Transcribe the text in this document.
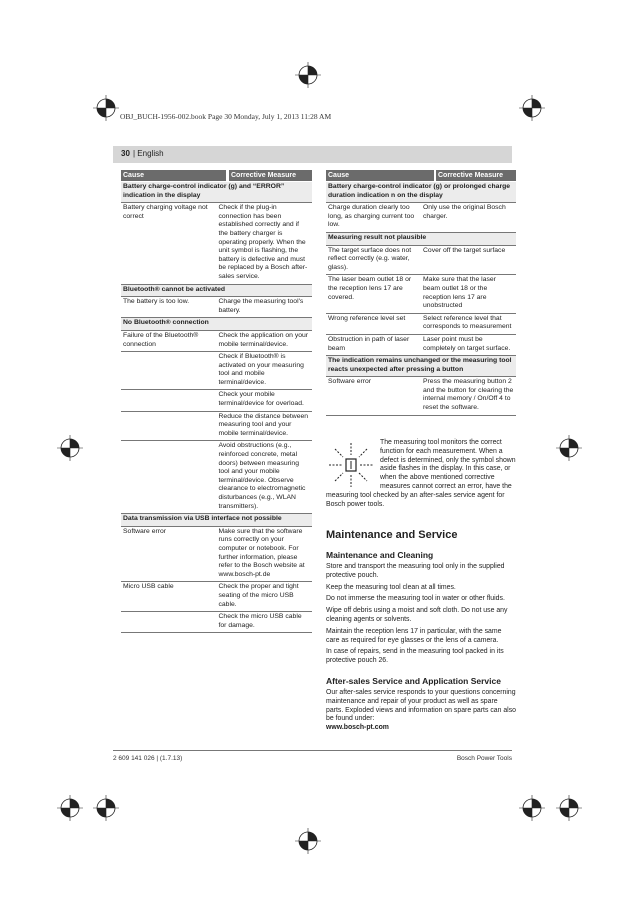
OBJ_BUCH-1956-002.book Page 30 Monday, July 1, 2013 11:28 AM
30 | English
Cause	Corrective Measure
Battery charge-control indicator (g) and “ERROR” indication in the display	
Battery charging voltage not correct	Check if the plug-in connection has been established correctly and if the battery charger is operating properly. When the unit symbol is flashing, the battery is defective and must be replaced by a Bosch after-sales service.
Bluetooth® cannot be activated	
The battery is too low.	Charge the measuring tool's battery.
No Bluetooth® connection	
Failure of the Bluetooth® connection	Check the application on your mobile terminal/device.
	Check if Bluetooth® is activated on your measuring tool and mobile terminal/device.
	Check your mobile terminal/device for overload.
	Reduce the distance between measuring tool and your mobile terminal/device.
	Avoid obstructions (e.g., reinforced concrete, metal doors) between measuring tool and your mobile terminal/device. Observe clearance to electromagnetic disturbances (e.g., WLAN transmitters).
Data transmission via USB interface not possible	
Software error	Make sure that the software runs correctly on your computer or notebook. For further information, please refer to the Bosch website at www.bosch-pt.de
Micro USB cable	Check the proper and tight seating of the micro USB cable.
	Check the micro USB cable for damage.
Cause	Corrective Measure
Battery charge-control indicator (g) or prolonged charge duration indication n on the display	
Charge duration clearly too long, as charging current too low.	Only use the original Bosch charger.
Measuring result not plausible	
The target surface does not reflect correctly (e.g. water, glass).	Cover off the target surface
The laser beam outlet 18 or the reception lens 17 are covered.	Make sure that the laser beam outlet 18 or the reception lens 17 are unobstructed
Wrong reference level set	Select reference level that corresponds to measurement
Obstruction in path of laser beam	Laser point must be completely on target surface.
The indication remains unchanged or the measuring tool reacts unexpected after pressing a button	
Software error	Press the measuring button 2 and the button for clearing the internal memory / On/Off 4 to reset the software.
The measuring tool monitors the correct function for each measurement. When a defect is determined, only the symbol shown aside flashes in the display. In this case, or when the above mentioned corrective measures cannot correct an error, have the
measuring tool checked by an after-sales service agent for Bosch power tools.
Maintenance and Service
Maintenance and Cleaning

Store and transport the measuring tool only in the supplied protective pouch.

Keep the measuring tool clean at all times.

Do not immerse the measuring tool in water or other fluids.

Wipe off debris using a moist and soft cloth. Do not use any cleaning agents or solvents.

Maintain the reception lens 17 in particular, with the same care as required for eye glasses or the lens of a camera.

In case of repairs, send in the measuring tool packed in its protective pouch 26.

After-sales Service and Application Service

Our after-sales service responds to your questions concerning maintenance and repair of your product as well as spare parts. Exploded views and information on spare parts can also be found under:

www.bosch-pt.com

2 609 141 026 | (1.7.13)	Bosch Power Tools
